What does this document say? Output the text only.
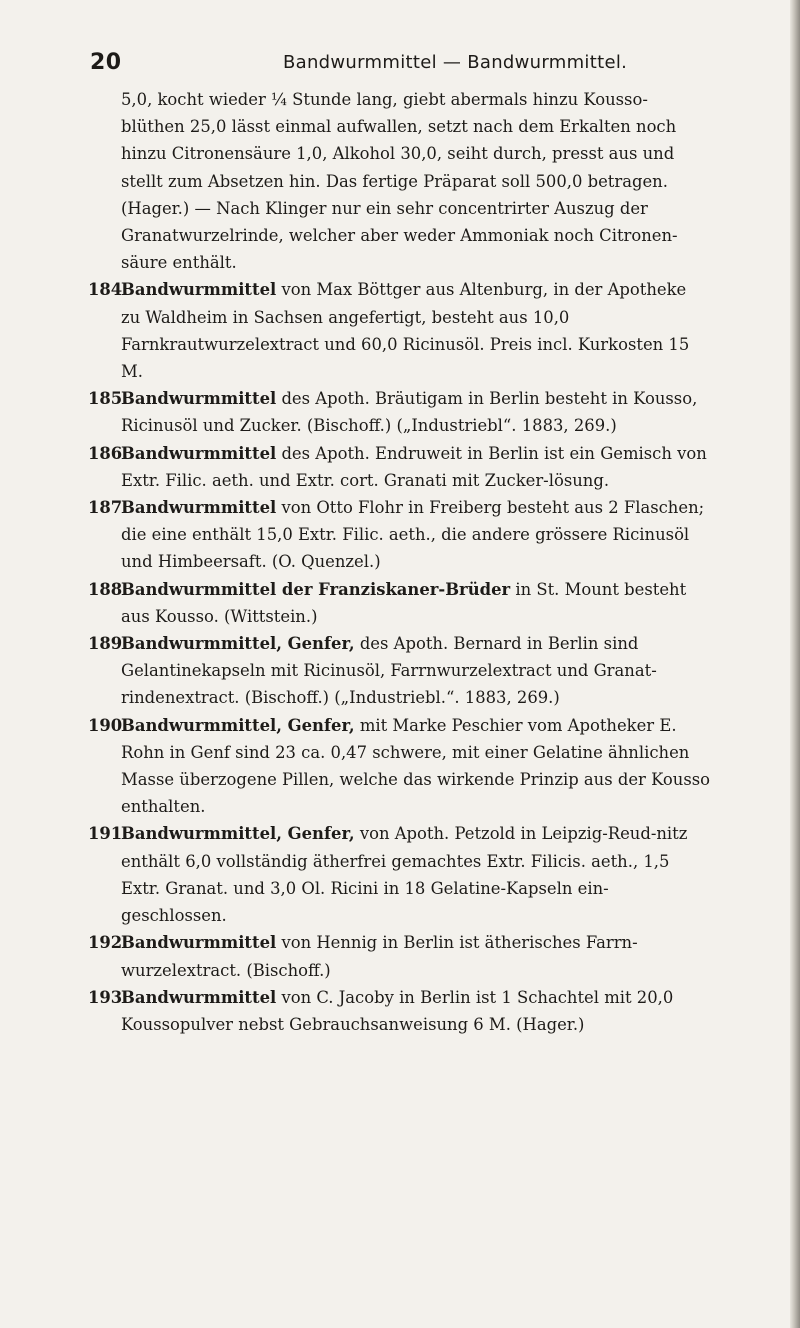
20	Bandwurmmittel — Bandwurmmittel.

5,0, kocht wieder ¼ Stunde lang, giebt abermals hinzu Kousso-blüthen 25,0 lässt einmal aufwallen, setzt nach dem Erkalten noch hinzu Citronensäure 1,0, Alkohol 30,0, seiht durch, presst aus und stellt zum Absetzen hin. Das fertige Präparat soll 500,0 betragen. (Hager.) — Nach Klinger nur ein sehr concentrirter Auszug der Granatwurzelrinde, welcher aber weder Ammoniak noch Citronen-säure enthält.

184.
Bandwurmmittel von Max Böttger aus Altenburg, in der Apotheke zu Waldheim in Sachsen angefertigt, besteht aus 10,0 Farnkrautwurzelextract und 60,0 Ricinusöl. Preis incl. Kurkosten 15 M.

185.
Bandwurmmittel des Apoth. Bräutigam in Berlin besteht in Kousso, Ricinusöl und Zucker. (Bischoff.) („Industriebl“. 1883, 269.)

186.
Bandwurmmittel des Apoth. Endruweit in Berlin ist ein Gemisch von Extr. Filic. aeth. und Extr. cort. Granati mit Zucker-lösung.

187.
Bandwurmmittel von Otto Flohr in Freiberg besteht aus 2 Flaschen; die eine enthält 15,0 Extr. Filic. aeth., die andere grössere Ricinusöl und Himbeersaft. (O. Quenzel.)

188.
Bandwurmmittel der Franziskaner-Brüder in St. Mount besteht aus Kousso. (Wittstein.)

189.
Bandwurmmittel, Genfer, des Apoth. Bernard in Berlin sind Gelantinekapseln mit Ricinusöl, Farrnwurzelextract und Granat-rindenextract. (Bischoff.) („Industriebl.“. 1883, 269.)

190.
Bandwurmmittel, Genfer, mit Marke Peschier vom Apotheker E. Rohn in Genf sind 23 ca. 0,47 schwere, mit einer Gelatine ähnlichen Masse überzogene Pillen, welche das wirkende Prinzip aus der Kousso enthalten.

191.
Bandwurmmittel, Genfer, von Apoth. Petzold in Leipzig-Reud-nitz enthält 6,0 vollständig ätherfrei gemachtes Extr. Filicis. aeth., 1,5 Extr. Granat. und 3,0 Ol. Ricini in 18 Gelatine-Kapseln ein-geschlossen.

192.
Bandwurmmittel von Hennig in Berlin ist ätherisches Farrn-wurzelextract. (Bischoff.)

193.
Bandwurmmittel von C. Jacoby in Berlin ist 1 Schachtel mit 20,0 Koussopulver nebst Gebrauchsanweisung 6 M. (Hager.)
